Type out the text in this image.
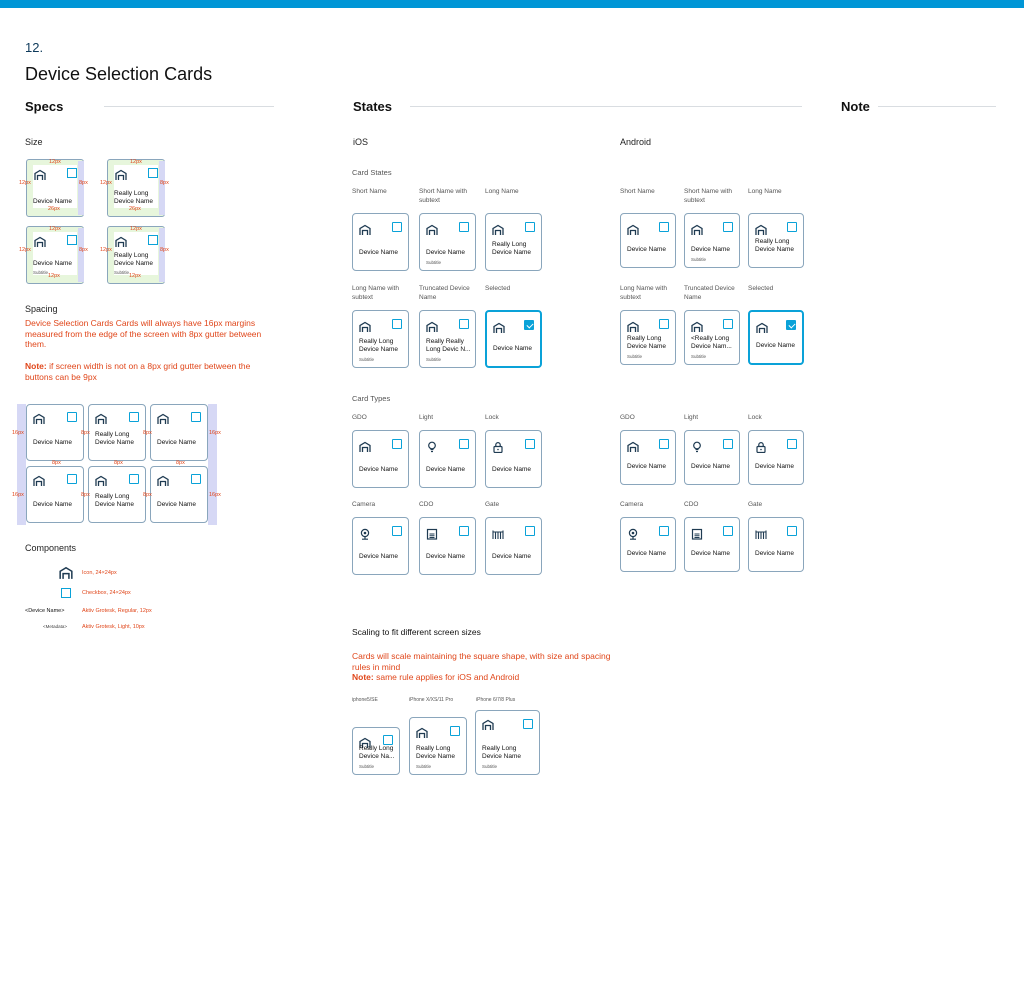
12.
Device Selection Cards
Specs	States	Note
Size
Device Name
Really Long Device Name
Device Name
Subtitle
Really Long Device Name
Subtitle
12px
12px	8px
26px
12px
12px	8px
26px
12px
12px	8px
12px
12px
12px	8px
12px
Spacing
Device Selection Cards Cards will always have 16px margins measured from the edge of the screen with 8px gutter between them.
Note: if screen width is not on a 8px grid gutter between the buttons can be 9px
Device Name
Really Long Device Name	Device Name
16px	8px	8px	16px
Device Name
Really Long Device Name	Device Name
16px	8px	8px	16px
8px	8px	8px
Components
Icon, 24×24px
Checkbox, 24×24px
<Device Name>	Aktiv Grotesk, Regular, 12px
<Metadata>	Aktiv Grotesk, Light, 10px
iOS	Android
Card States
Card Types
Short Name
Device Name
Short Name
Device Name
Short Name with subtext
Device Name
Subtitle
Short Name with subtext
Device Name
Subtitle
Long Name
Really Long Device Name
Long Name
Really Long Device Name
Long Name with subtext
Really Long Device Name
Subtitle
Long Name with subtext
Really Long Device Name
Subtitle
Truncated Device Name
Really Really Long Devic N...
Subtitle
Truncated Device Name
<Really Long Device Nam...
Subtitle
Selected
Device Name
Selected
Device Name
GDO
Device Name
GDO
Device Name
Light
Device Name
Light
Device Name
Lock
Device Name
Lock
Device Name
Camera
Device Name
Camera
Device Name
CDO
Device Name
CDO
Device Name
Gate
Device Name
Gate
Device Name
Scaling to fit different screen sizes
Cards will scale maintaining the square shape, with size and spacing rules in mind
Note: same rule applies for iOS and Android
iphone5/SE	iPhone X/XS/11 Pro	iPhone 6/7/8 Plus
Really Long Device Na...
Subtitle
Really Long Device Name
Subtitle
Really Long Device Name
Subtitle
